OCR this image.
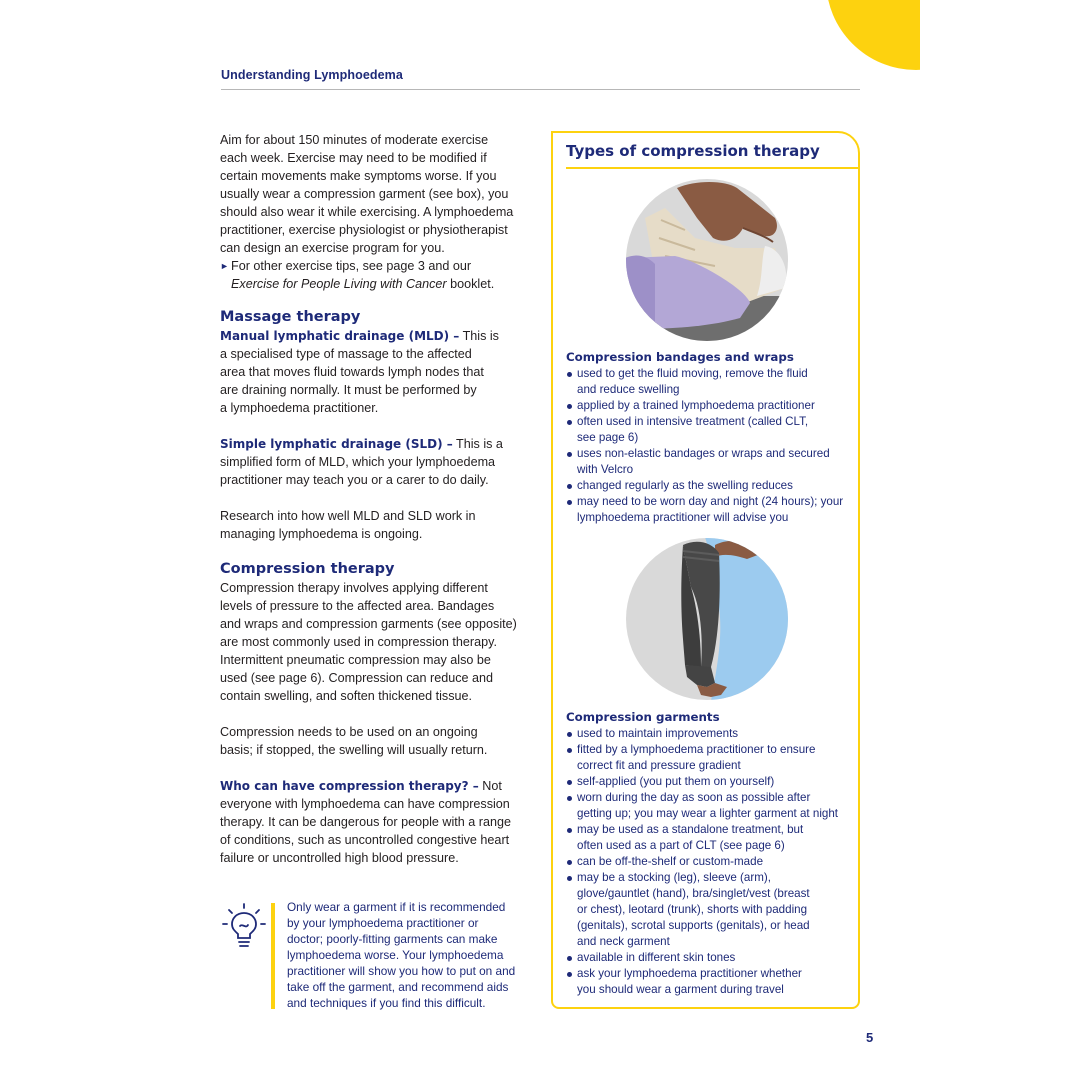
Understanding Lymphoedema

Aim for about 150 minutes of moderate exercise

each week. Exercise may need to be modified if

certain movements make symptoms worse. If you

usually wear a compression garment (see box), you

should also wear it while exercising. A lymphoedema

practitioner, exercise physiologist or physiotherapist

can design an exercise program for you.

► For other exercise tips, see page 3 and our
Exercise for People Living with Cancer booklet.
Massage therapy

Manual lymphatic drainage (MLD) – This is

a specialised type of massage to the affected

area that moves fluid towards lymph nodes that

are draining normally. It must be performed by

a lymphoedema practitioner.

Simple lymphatic drainage (SLD) – This is a

simplified form of MLD, which your lymphoedema

practitioner may teach you or a carer to do daily.

Research into how well MLD and SLD work in

managing lymphoedema is ongoing.

Compression therapy

Compression therapy involves applying different

levels of pressure to the affected area. Bandages

and wraps and compression garments (see opposite)

are most commonly used in compression therapy.

Intermittent pneumatic compression may also be

used (see page 6). Compression can reduce and

contain swelling, and soften thickened tissue.

Compression needs to be used on an ongoing

basis; if stopped, the swelling will usually return.

Who can have compression therapy? – Not

everyone with lymphoedema can have compression

therapy. It can be dangerous for people with a range

of conditions, such as uncontrolled congestive heart

failure or uncontrolled high blood pressure.

Only wear a garment if it is recommended
by your lymphoedema practitioner or
doctor; poorly-fitting garments can make
lymphoedema worse. Your lymphoedema
practitioner will show you how to put on and
take off the garment, and recommend aids
and techniques if you find this difficult.
Types of compression therapy
Compression bandages and wraps
used to get the fluid moving, remove the fluid
and reduce swelling
applied by a trained lymphoedema practitioner
often used in intensive treatment (called CLT,
see page 6)
uses non-elastic bandages or wraps and secured
with Velcro
changed regularly as the swelling reduces
may need to be worn day and night (24 hours); your
lymphoedema practitioner will advise you
Compression garments
used to maintain improvements
fitted by a lymphoedema practitioner to ensure
correct fit and pressure gradient
self-applied (you put them on yourself)
worn during the day as soon as possible after
getting up; you may wear a lighter garment at night
may be used as a standalone treatment, but
often used as a part of CLT (see page 6)
can be off-the-shelf or custom-made
may be a stocking (leg), sleeve (arm),
glove/gauntlet (hand), bra/singlet/vest (breast
or chest), leotard (trunk), shorts with padding
(genitals), scrotal supports (genitals), or head
and neck garment
available in different skin tones
ask your lymphoedema practitioner whether
you should wear a garment during travel
5
